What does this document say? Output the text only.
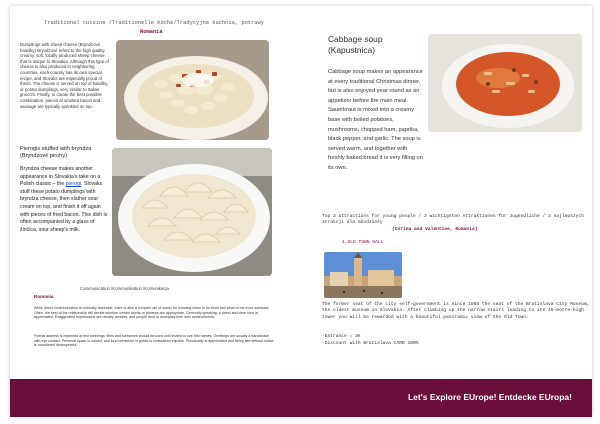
Traditional cuisine /Traditionelle Küche/Tradycyjna kuchnia, potrawy
Romania
Dumplings with sheep cheese (Bryndzové halušky) Bryndzové refers to the high quality, creamy, soft, locally produced sheep cheese that is unique to Slovakia. Although this type of cheese is also produced in neighboring countries, each country has its own special recipe, and Slovaks are especially proud of theirs. The cheese is served on top of halušky, or potato dumplings, very similar to Italian gnocchi. Finally, to create the best possible combination, pieces of smoked bacon and sausage are typically sprinkled on top.
Pierogis stuffed with bryndza (Bryndzové pirohy)
Bryndza cheese makes another appearance in Slovakia's take on a Polish classic – the pierogi. Slovaks stuff these potato dumplings with bryndza cheese, then slather sour cream on top, and finish it off again with pieces of fried bacon. This dish is often accompanied by a glass of žinčica, sour sheep's milk.
Communication /Kommunikation /Komunikacja
Romania
While direct communication is culturally favorable, there is also a complex set of norms for knowing when to be blunt and when to be more subdued. Often, the best of the relationship will decide whether certain words or phrases are appropriate. Generally speaking, a direct and clear tone is appreciated. Exaggerated expressions are usually avoided, and people tend to downplay their own achievements.
Formal address is expected at first meetings; titles and surnames should be used until invited to use first names. Greetings are usually a handshake with eye contact. Personal space is valued, and loud behaviour in public is considered impolite. Punctuality is appreciated and being late without notice is considered disrespectful.
Cabbage soup (Kapustnica)
Cabbage soup makes an appearance at every traditional Christmas dinner, but is also enjoyed year round as an appetizer before the main meal. Sauerkraut is mixed into a creamy base with boiled potatoes, mushrooms, chopped ham, paprika, black pepper, and garlic. The soup is served warm, and together with freshly baked bread it is very filling on its own.
Top 3 attractions for young people / 3 wichtigsten Attraktionen für Jugendliche / 3 najlepszych atrakcji dla młodzieży
(Corina and Valentine, Romania)
1.OLD TOWN HALL
The former seat of the city self-government is since 1868 the seat of the Bratislava City Museum, the oldest museum in Slovakia. After climbing up the narrow stairs leading to its 45-metre-high tower you will be rewarded with a beautiful panoramic view of the Old Town.
-Entrance = 3€
-Discount with Bratislava CARD 100%
Let's Explore EUrope! Entdecke EUropa!
